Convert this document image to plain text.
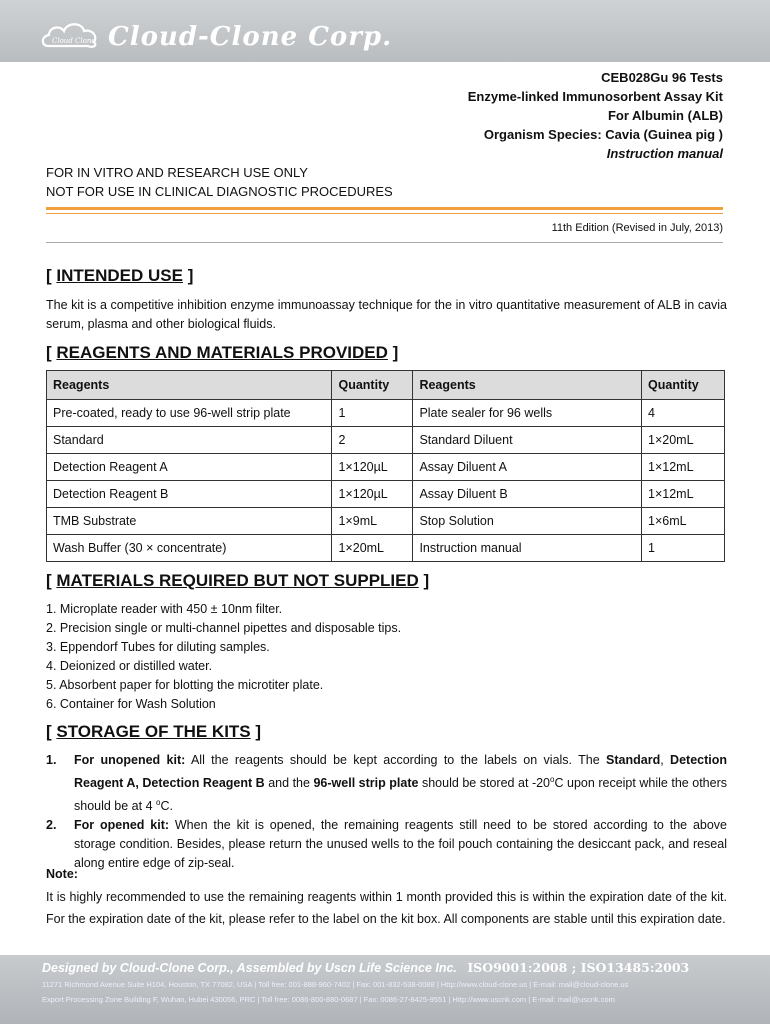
Cloud Clone Cloud-Clone Corp.
CEB028Gu 96 Tests
Enzyme-linked Immunosorbent Assay Kit
For Albumin (ALB)
Organism Species: Cavia (Guinea pig )
Instruction manual
FOR IN VITRO AND RESEARCH USE ONLY
NOT FOR USE IN CLINICAL DIAGNOSTIC PROCEDURES
11th Edition (Revised in July, 2013)
[ INTENDED USE ]
The kit is a competitive inhibition enzyme immunoassay technique for the in vitro quantitative measurement of ALB in cavia serum, plasma and other biological fluids.
[ REAGENTS AND MATERIALS PROVIDED ]
Reagents	Quantity	Reagents	Quantity
Pre-coated, ready to use 96-well strip plate	1	Plate sealer for 96 wells	4
Standard	2	Standard Diluent	1×20mL
Detection Reagent A	1×120µL	Assay Diluent A	1×12mL
Detection Reagent B	1×120µL	Assay Diluent B	1×12mL
TMB Substrate	1×9mL	Stop Solution	1×6mL
Wash Buffer (30 × concentrate)	1×20mL	Instruction manual	1
[ MATERIALS REQUIRED BUT NOT SUPPLIED ]
1. Microplate reader with 450 ± 10nm filter.
2. Precision single or multi-channel pipettes and disposable tips.
3. Eppendorf Tubes for diluting samples.
4. Deionized or distilled water.
5. Absorbent paper for blotting the microtiter plate.
6. Container for Wash Solution
[ STORAGE OF THE KITS ]
1.	For unopened kit: All the reagents should be kept according to the labels on vials. The Standard, Detection Reagent A, Detection Reagent B and the 96-well strip plate should be stored at -20$^o$C upon receipt while the others should be at 4 $^o$C.
2.	For opened kit: When the kit is opened, the remaining reagents still need to be stored according to the above storage condition. Besides, please return the unused wells to the foil pouch containing the desiccant pack, and reseal along entire edge of zip-seal.
Note:
It is highly recommended to use the remaining reagents within 1 month provided this is within the expiration date of the kit. For the expiration date of the kit, please refer to the label on the kit box. All components are stable until this expiration date.
Designed by Cloud-Clone Corp., Assembled by Uscn Life Science Inc. ISO9001:2008 ; ISO13485:2003
11271 Richmond Avenue Suite H104, Houston, TX 77082, USA | Toll free: 001-888-960-7402 | Fax: 001-832-538-0088 | Http://www.cloud-clone.us | E-mail: mail@cloud-clone.us
Export Processing Zone Building F, Wuhan, Hubei 430056, PRC | Toll free: 0086-800-880-0687 | Fax: 0086-27-8425-9551 | Http://www.uscnk.com | E-mail: mail@uscnk.com
